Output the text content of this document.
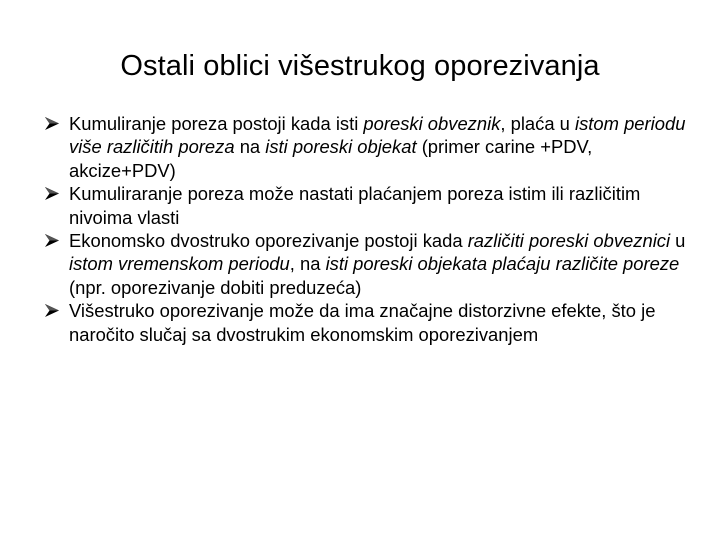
Ostali oblici višestrukog oporezivanja
Kumuliranje poreza postoji kada isti poreski obveznik, plaća u istom periodu više različitih poreza na isti poreski objekat (primer carine +PDV, akcize+PDV)
Kumuliraranje poreza može nastati plaćanjem poreza istim ili različitim nivoima vlasti
Ekonomsko dvostruko oporezivanje postoji kada različiti poreski obveznici u istom vremenskom periodu, na isti poreski objekata plaćaju različite poreze (npr. oporezivanje dobiti preduzeća)
Višestruko oporezivanje može da ima značajne distorzivne efekte, što je naročito slučaj sa dvostrukim ekonomskim oporezivanjem
